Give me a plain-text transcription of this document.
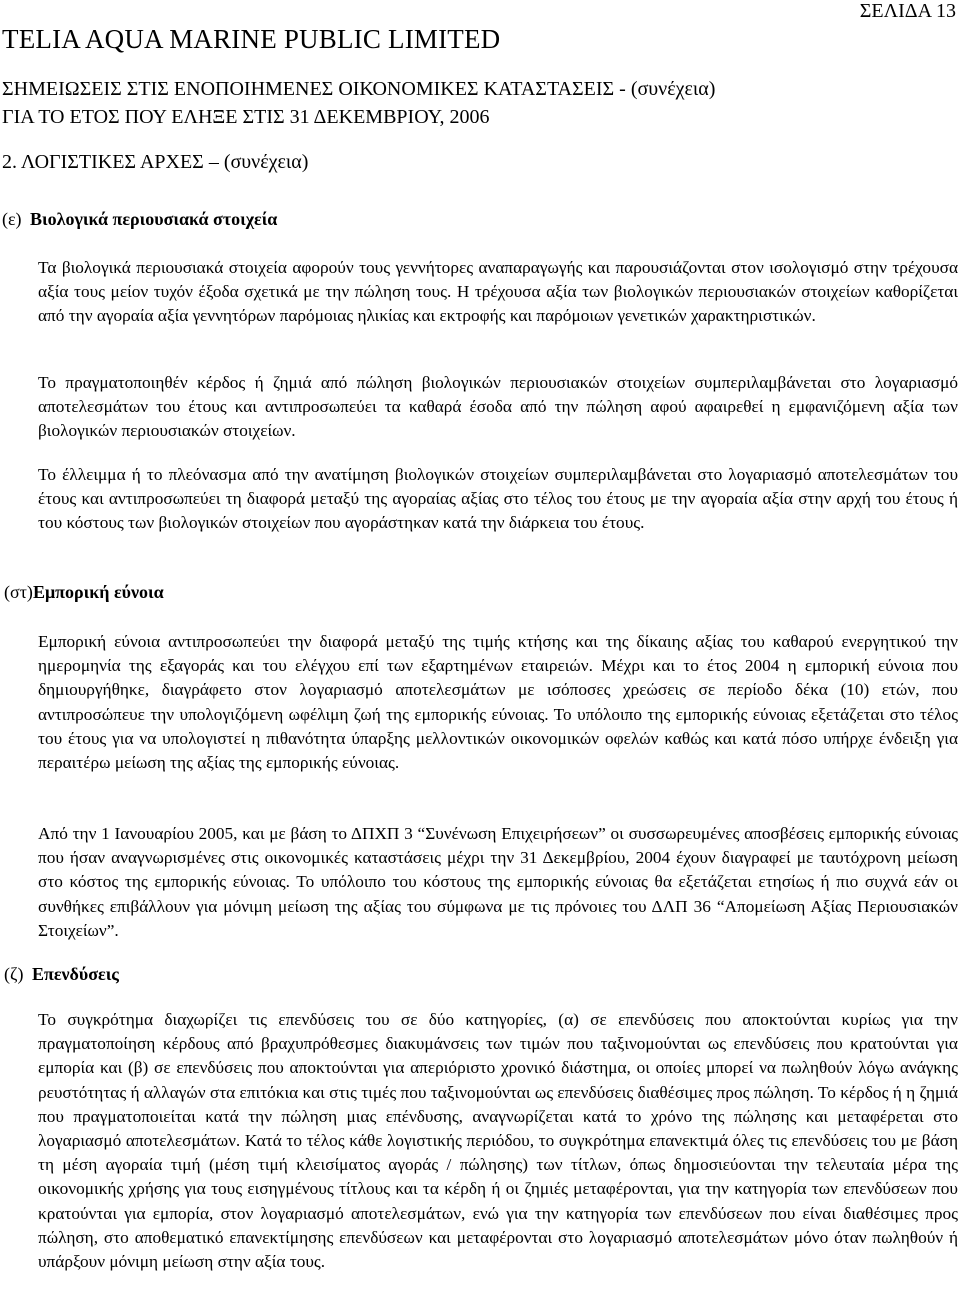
ΣΕΛΙΔΑ 13
TELIA AQUA MARINE PUBLIC LIMITED
ΣΗΜΕΙΩΣΕΙΣ ΣΤΙΣ ΕΝΟΠΟΙΗΜΕΝΕΣ ΟΙΚΟΝΟΜΙΚΕΣ ΚΑΤΑΣΤΑΣΕΙΣ - (συνέχεια)
ΓΙΑ ΤΟ ΕΤΟΣ ΠΟΥ ΕΛΗΞΕ ΣΤΙΣ 31 ΔΕΚΕΜΒΡΙΟΥ, 2006
2. ΛΟΓΙΣΤΙΚΕΣ ΑΡΧΕΣ – (συνέχεια)
(ε) Βιολογικά περιουσιακά στοιχεία

Τα βιολογικά περιουσιακά στοιχεία αφορούν τους γεννήτορες αναπαραγωγής και παρουσιάζονται στον ισολογισμό στην τρέχουσα αξία τους μείον τυχόν έξοδα σχετικά με την πώληση τους. Η τρέχουσα αξία των βιολογικών περιουσιακών στοιχείων καθορίζεται από την αγοραία αξία γεννητόρων παρόμοιας ηλικίας και εκτροφής και παρόμοιων γενετικών χαρακτηριστικών.

Το πραγματοποιηθέν κέρδος ή ζημιά από πώληση βιολογικών περιουσιακών στοιχείων συμπεριλαμβάνεται στο λογαριασμό αποτελεσμάτων του έτους και αντιπροσωπεύει τα καθαρά έσοδα από την πώληση αφού αφαιρεθεί η εμφανιζόμενη αξία των βιολογικών περιουσιακών στοιχείων.

Το έλλειμμα ή το πλεόνασμα από την ανατίμηση βιολογικών στοιχείων συμπεριλαμβάνεται στο λογαριασμό αποτελεσμάτων του έτους και αντιπροσωπεύει τη διαφορά μεταξύ της αγοραίας αξίας στο τέλος του έτους με την αγοραία αξία στην αρχή του έτους ή του κόστους των βιολογικών στοιχείων που αγοράστηκαν κατά την διάρκεια του έτους.

(στ)Εμπορική εύνοια

Εμπορική εύνοια αντιπροσωπεύει την διαφορά μεταξύ της τιμής κτήσης και της δίκαιης αξίας του καθαρού ενεργητικού την ημερομηνία της εξαγοράς και του ελέγχου επί των εξαρτημένων εταιρειών. Μέχρι και το έτος 2004 η εμπορική εύνοια που δημιουργήθηκε, διαγράφετο στον λογαριασμό αποτελεσμάτων με ισόποσες χρεώσεις σε περίοδο δέκα (10) ετών, που αντιπροσώπευε την υπολογιζόμενη ωφέλιμη ζωή της εμπορικής εύνοιας. Το υπόλοιπο της εμπορικής εύνοιας εξετάζεται στο τέλος του έτους για να υπολογιστεί η πιθανότητα ύπαρξης μελλοντικών οικονομικών οφελών καθώς και κατά πόσο υπήρχε ένδειξη για περαιτέρω μείωση της αξίας της εμπορικής εύνοιας.

Από την 1 Ιανουαρίου 2005, και με βάση το ΔΠΧΠ 3 “Συνένωση Επιχειρήσεων” οι συσσωρευμένες αποσβέσεις εμπορικής εύνοιας που ήσαν αναγνωρισμένες στις οικονομικές καταστάσεις μέχρι την 31 Δεκεμβρίου, 2004 έχουν διαγραφεί με ταυτόχρονη μείωση στο κόστος της εμπορικής εύνοιας. Το υπόλοιπο του κόστους της εμπορικής εύνοιας θα εξετάζεται ετησίως ή πιο συχνά εάν οι συνθήκες επιβάλλουν για μόνιμη μείωση της αξίας του σύμφωνα με τις πρόνοιες του ΔΛΠ 36 “Απομείωση Αξίας Περιουσιακών Στοιχείων”.

(ζ) Επενδύσεις

Το συγκρότημα διαχωρίζει τις επενδύσεις του σε δύο κατηγορίες, (α) σε επενδύσεις που αποκτούνται κυρίως για την πραγματοποίηση κέρδους από βραχυπρόθεσμες διακυμάνσεις των τιμών που ταξινομούνται ως επενδύσεις που κρατούνται για εμπορία και (β) σε επενδύσεις που αποκτούνται για απεριόριστο χρονικό διάστημα, οι οποίες μπορεί να πωληθούν λόγω ανάγκης ρευστότητας ή αλλαγών στα επιτόκια και στις τιμές που ταξινομούνται ως επενδύσεις διαθέσιμες προς πώληση. Το κέρδος ή η ζημιά που πραγματοποιείται κατά την πώληση μιας επένδυσης, αναγνωρίζεται κατά το χρόνο της πώλησης και μεταφέρεται στο λογαριασμό αποτελεσμάτων. Κατά το τέλος κάθε λογιστικής περιόδου, το συγκρότημα επανεκτιμά όλες τις επενδύσεις του με βάση τη μέση αγοραία τιμή (μέση τιμή κλεισίματος αγοράς / πώλησης) των τίτλων, όπως δημοσιεύονται την τελευταία μέρα της οικονομικής χρήσης για τους εισηγμένους τίτλους και τα κέρδη ή οι ζημιές μεταφέρονται, για την κατηγορία των επενδύσεων που κρατούνται για εμπορία, στον λογαριασμό αποτελεσμάτων, ενώ για την κατηγορία των επενδύσεων που είναι διαθέσιμες προς πώληση, στο αποθεματικό επανεκτίμησης επενδύσεων και μεταφέρονται στο λογαριασμό αποτελεσμάτων μόνο όταν πωληθούν ή υπάρξουν μόνιμη μείωση στην αξία τους.
